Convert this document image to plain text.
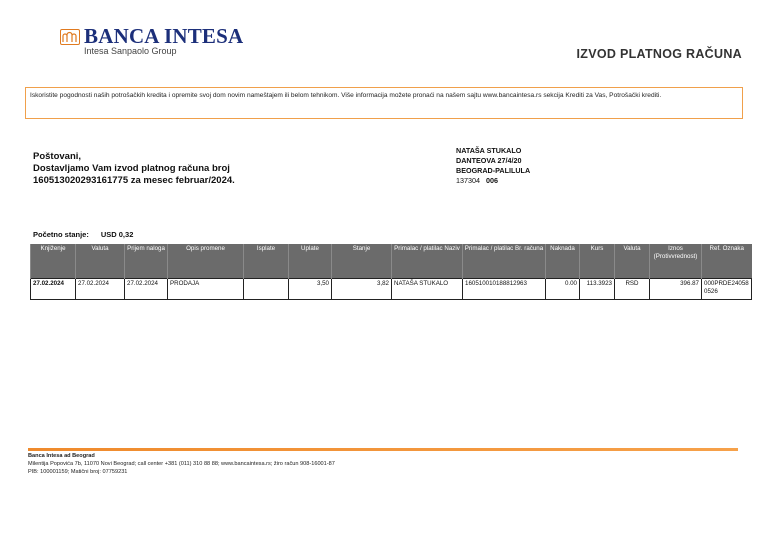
BANCA INTESA
Intesa Sanpaolo Group	IZVOD PLATNOG RAČUNA
Iskoristite pogodnosti naših potrošačkih kredita i opremite svoj dom novim nameštajem ili belom tehnikom. Više informacija možete pronaći na našem sajtu www.bancaintesa.rs sekcija Krediti za Vas, Potrošački krediti.
Poštovani,
Dostavljamo Vam izvod platnog računa broj 160513020293161775 za mesec februar/2024.
NATAŠA STUKALO
DANTEOVA 27/4/20
BEOGRAD-PALILULA
137304 006
Početno stanje: USD 0,32
Knjiženje	Valuta	Prijem naloga	Opis promene	Isplate	Uplate	Stanje	Primalac / platilac Naziv	Primalac / platilac Br. računa	Naknada	Kurs	Valuta	Iznos (Protivvrednost)	Ref. Oznaka
27.02.2024	27.02.2024	27.02.2024	PRODAJA		3,50	3,82	NATAŠA STUKALO	160510010188812963	0.00	113.3923	RSD	396.87	000PRDE240580526
Banca Intesa ad Beograd
Milentija Popovića 7b, 11070 Novi Beograd; call center +381 (011) 310 88 88; www.bancaintesa.rs; žiro račun 908-16001-87
PIB: 100001159; Matični broj: 07759231
